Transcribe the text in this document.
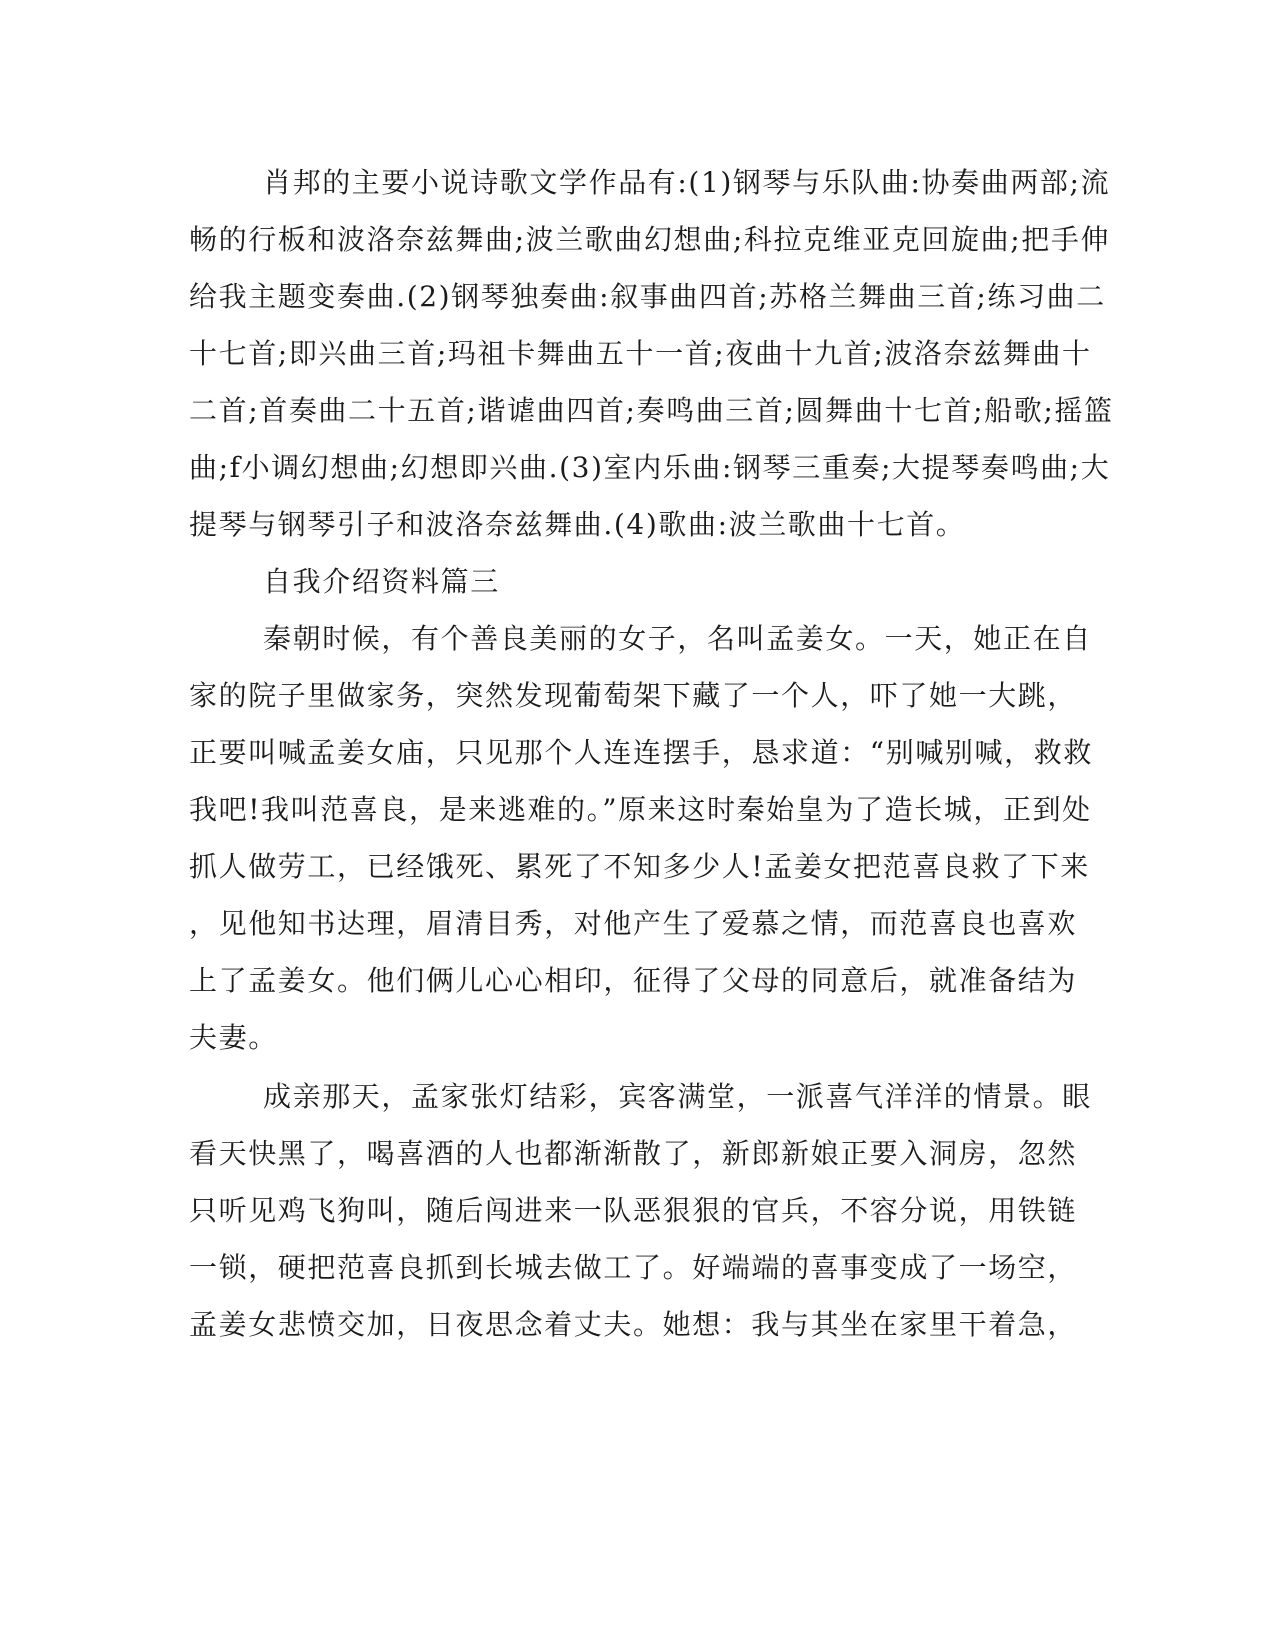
肖邦的主要小说诗歌文学作品有:(1)钢琴与乐队曲:协奏曲两部;流
畅的行板和波洛奈兹舞曲;波兰歌曲幻想曲;科拉克维亚克回旋曲;把手伸
给我主题变奏曲.(2)钢琴独奏曲:叙事曲四首;苏格兰舞曲三首;练习曲二
十七首;即兴曲三首;玛祖卡舞曲五十一首;夜曲十九首;波洛奈兹舞曲十
二首;首奏曲二十五首;谐谑曲四首;奏鸣曲三首;圆舞曲十七首;船歌;摇篮
曲;f小调幻想曲;幻想即兴曲.(3)室内乐曲:钢琴三重奏;大提琴奏鸣曲;大
提琴与钢琴引子和波洛奈兹舞曲.(4)歌曲:波兰歌曲十七首。
自我介绍资料篇三
秦朝时候，有个善良美丽的女子，名叫孟姜女。一天，她正在自
家的院子里做家务，突然发现葡萄架下藏了一个人，吓了她一大跳，
正要叫喊孟姜女庙，只见那个人连连摆手，恳求道：“别喊别喊，救救
我吧!我叫范喜良，是来逃难的。”原来这时秦始皇为了造长城，正到处
抓人做劳工，已经饿死、累死了不知多少人!孟姜女把范喜良救了下来
，见他知书达理，眉清目秀，对他产生了爱慕之情，而范喜良也喜欢
上了孟姜女。他们俩儿心心相印，征得了父母的同意后，就准备结为
夫妻。
成亲那天，孟家张灯结彩，宾客满堂，一派喜气洋洋的情景。眼
看天快黑了，喝喜酒的人也都渐渐散了，新郎新娘正要入洞房，忽然
只听见鸡飞狗叫，随后闯进来一队恶狠狠的官兵，不容分说，用铁链
一锁，硬把范喜良抓到长城去做工了。好端端的喜事变成了一场空，
孟姜女悲愤交加，日夜思念着丈夫。她想：我与其坐在家里干着急，
